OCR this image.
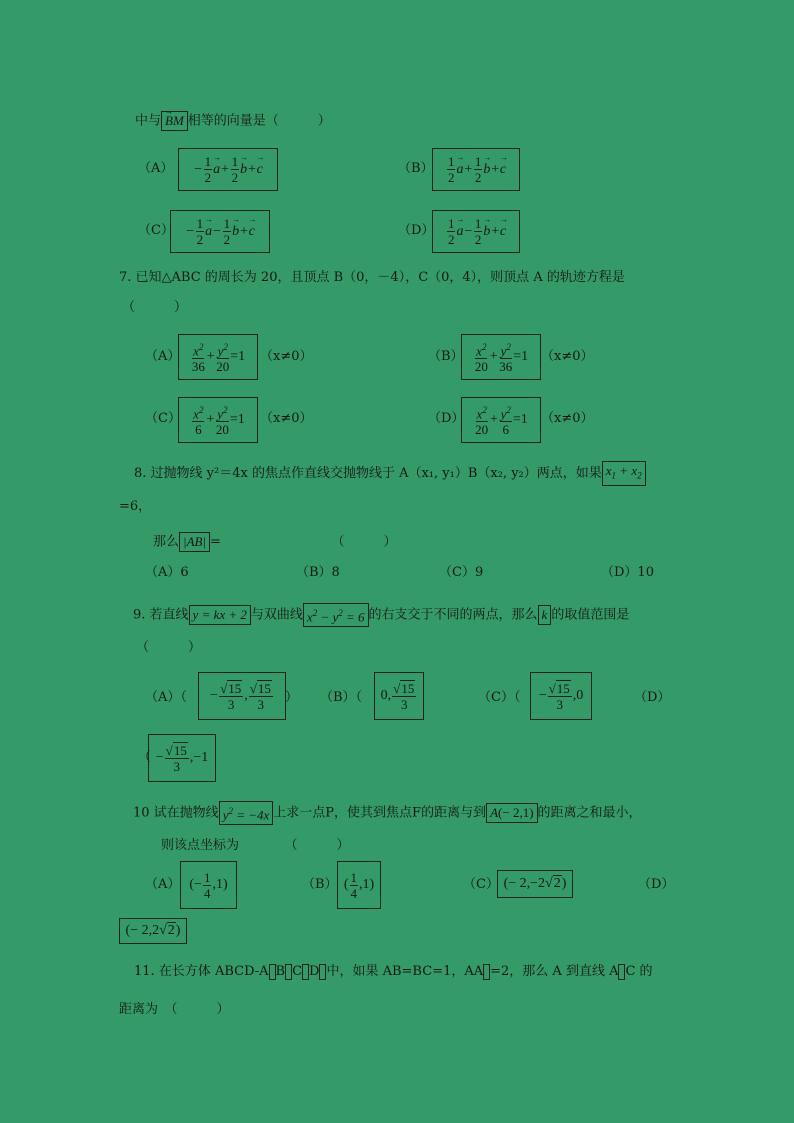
中与→ BM 相等的向量是（　　　）
（A）	− $\frac{1}{2}$
→ $a + \frac{1}{2}$
→ b +
→ c	$(B) \frac{1}{2}$
→ $a + \frac{1}{2}$
→ b +
→ c
$(C) - \frac{1}{2}$
→ $a - \frac{1}{2}$
→ b +
→ c	$(D) \frac{1}{2}$
→ $a - \frac{1}{2}$
→ b +
→ c
7. 已知△ABC 的周长为 20，且顶点 B（0，－4），C（0，4），则顶点 A 的轨迹方程是
（　　　）
$(A) \frac{x^2}{36} + \frac{y^2}{20} =1$ （x≠0）	$(B) \frac{x^2}{20} + \frac{y^2}{36} =1$ （x≠0）
$(C) \frac{x^2}{6} + \frac{y^2}{20} =1$ （x≠0）	$(D) \frac{x^2}{20} + \frac{y^2}{6} =1$ （x≠0）
8. 过抛物线 y²＝4x 的焦点作直线交抛物线于 A（x₁, y₁）B（x₂, y₂）两点，如果 $x_1 + x_2$
=6，
那么 |AB| =　　　　　　　　　（　　　）
（A）6	（B）8	（C）9	（D）10
9. 若直线 y = kx + 2 与双曲线 $x^2 - y^2 = 6$ 的右支交于不同的两点，那么 k 的取值范围是
（　　　）
$(A)( - \frac{√15}{3}$ , $\frac{√15}{3}$ ） （B）（ 0, $\frac{√15}{3}$	$(C)( - \frac{√15}{3} ,0$	（D）
（ − $\frac{√15}{3} ,-1$
10 试在抛物线 $y^2 = -4x$ 上求一点P，使其到焦点F的距离与到 A(− 2,1) 的距离之和最小，
则该点坐标为　　　　（　　　）
（A） (− $\frac{1}{4} ,1$)	（B） ( $\frac{1}{4} ,1$)	（C） (− 2,−2√2)	（D）
(− 2,2√2)
11. 在长方体 ABCD-A B C D 中，如果 AB=BC=1，AA =2，那么 A 到直线 A C 的
距离为　（　　　）
